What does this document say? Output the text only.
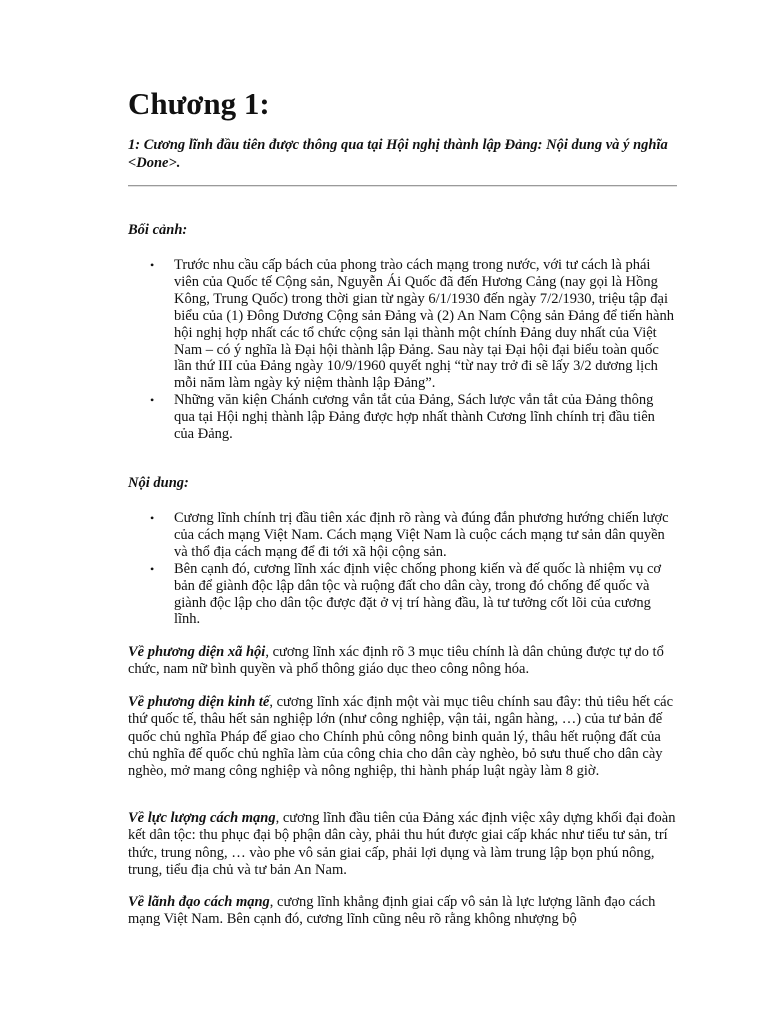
Chương 1:

1: Cương lĩnh đầu tiên được thông qua tại Hội nghị thành lập Đảng: Nội dung và ý nghĩa <Done>.

Bối cảnh:

• Trước nhu cầu cấp bách của phong trào cách mạng trong nước, với tư cách là phái viên của Quốc tế Cộng sản, Nguyễn Ái Quốc đã đến Hương Cảng (nay gọi là Hồng Kông, Trung Quốc) trong thời gian từ ngày 6/1/1930 đến ngày 7/2/1930, triệu tập đại biểu của (1) Đông Dương Cộng sản Đảng và (2) An Nam Cộng sản Đảng để tiến hành hội nghị hợp nhất các tổ chức cộng sản lại thành một chính Đảng duy nhất của Việt Nam – có ý nghĩa là Đại hội thành lập Đảng. Sau này tại Đại hội đại biểu toàn quốc lần thứ III của Đảng ngày 10/9/1960 quyết nghị “từ nay trở đi sẽ lấy 3/2 dương lịch mỗi năm làm ngày kỷ niệm thành lập Đảng”.
• Những văn kiện Chánh cương vắn tắt của Đảng, Sách lược vắn tắt của Đảng thông qua tại Hội nghị thành lập Đảng được hợp nhất thành Cương lĩnh chính trị đầu tiên của Đảng.

Nội dung:

• Cương lĩnh chính trị đầu tiên xác định rõ ràng và đúng đắn phương hướng chiến lược của cách mạng Việt Nam. Cách mạng Việt Nam là cuộc cách mạng tư sản dân quyền và thổ địa cách mạng để đi tới xã hội cộng sản.
• Bên cạnh đó, cương lĩnh xác định việc chống phong kiến và đế quốc là nhiệm vụ cơ bản để giành độc lập dân tộc và ruộng đất cho dân cày, trong đó chống đế quốc và giành độc lập cho dân tộc được đặt ở vị trí hàng đầu, là tư tưởng cốt lõi của cương lĩnh.

Về phương diện xã hội, cương lĩnh xác định rõ 3 mục tiêu chính là dân chủng được tự do tổ chức, nam nữ bình quyền và phổ thông giáo dục theo công nông hóa.

Về phương diện kinh tế, cương lĩnh xác định một vài mục tiêu chính sau đây: thủ tiêu hết các thứ quốc tế, thâu hết sản nghiệp lớn (như công nghiệp, vận tải, ngân hàng, …) của tư bản đế quốc chủ nghĩa Pháp để giao cho Chính phủ công nông binh quản lý, thâu hết ruộng đất của chủ nghĩa đế quốc chủ nghĩa làm của công chia cho dân cày nghèo, bỏ sưu thuế cho dân cày nghèo, mở mang công nghiệp và nông nghiệp, thi hành pháp luật ngày làm 8 giờ.

Về lực lượng cách mạng, cương lĩnh đầu tiên của Đảng xác định việc xây dựng khối đại đoàn kết dân tộc: thu phục đại bộ phận dân cày, phải thu hút được giai cấp khác như tiểu tư sản, trí thức, trung nông, … vào phe vô sản giai cấp, phải lợi dụng và làm trung lập bọn phú nông, trung, tiểu địa chủ và tư bản An Nam.

Về lãnh đạo cách mạng, cương lĩnh khẳng định giai cấp vô sản là lực lượng lãnh đạo cách mạng Việt Nam. Bên cạnh đó, cương lĩnh cũng nêu rõ rằng không nhượng bộ
